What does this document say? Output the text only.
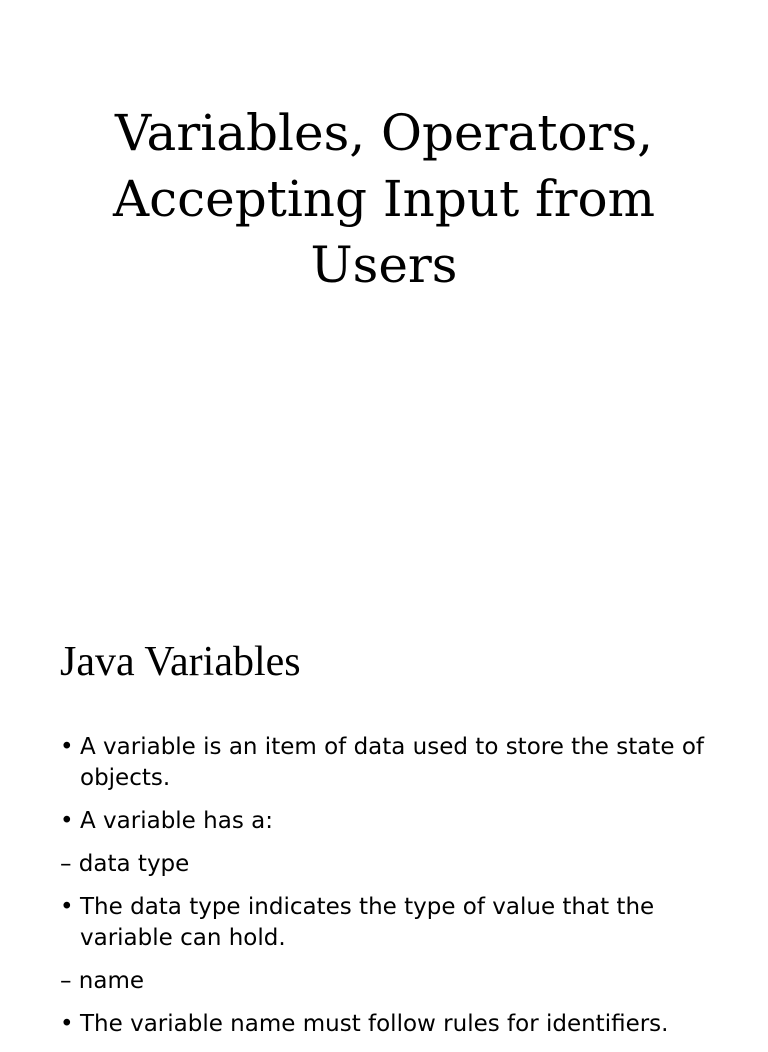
Variables, Operators,
Accepting Input from
Users
Java Variables
• A variable is an item of data used to store the state of objects.
• A variable has a:
– data type
• The data type indicates the type of value that the variable can hold.
– name
• The variable name must follow rules for identifiers.
